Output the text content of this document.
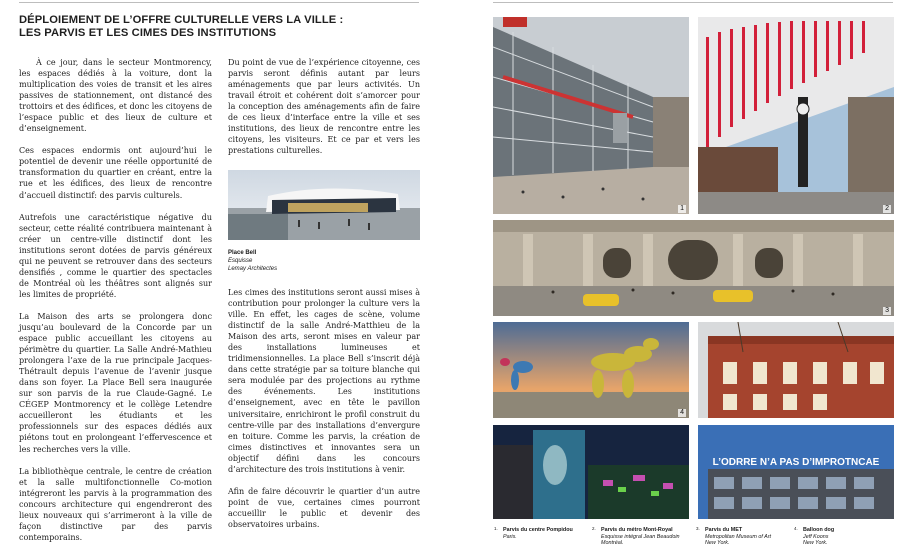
DÉPLOIEMENT DE L’OFFRE CULTURELLE VERS LA VILLE :
LES PARVIS ET LES CIMES DES INSTITUTIONS

À ce jour, dans le secteur Montmorency, les espaces dédiés à la voiture, dont la multiplication des voies de transit et les aires passives de stationnement, ont distancé des trottoirs et des édifices, et donc les citoyens de l’espace public et des lieux de culture et d’enseignement.

Ces espaces endormis ont aujourd’hui le potentiel de devenir une réelle opportunité de transformation du quartier en créant, entre la rue et les édifices, des lieux de rencontre d’accueil distinctif: des parvis culturels.

Autrefois une caractéristique négative du secteur, cette réalité contribuera maintenant à créer un centre-ville distinctif dont les institutions seront dotées de parvis généreux qui ne peuvent se retrouver dans des secteurs densifiés , comme le quartier des spectacles de Montréal où les théâtres sont alignés sur les limites de propriété.

La Maison des arts se prolongera donc jusqu’au boulevard de la Concorde par un espace public accueillant les citoyens au périmètre du quartier. La Salle André-Mathieu prolongera l’axe de la rue principale Jacques-Thétrault depuis l’avenue de l’avenir jusque dans son foyer. La Place Bell sera inaugurée sur son parvis de la rue Claude-Gagné. Le CÉGEP Montmorency et le collège Letendre accueilleront les étudiants et les professionnels sur des espaces dédiés aux piétons tout en prolongeant l’effervescence et les recherches vers la ville.

La bibliothèque centrale, le centre de création et la salle multifonctionnelle Co-motion intégreront les parvis à la programmation des concours architecture qui engendreront des lieux nouveaux qui s’arrimeront à la ville de façon distinctive par des parvis contemporains.

Du point de vue de l’expérience citoyenne, ces parvis seront définis autant par leurs aménagements que par leurs activités. Un travail étroit et cohérent doit s’amorcer pour la conception des aménagements afin de faire de ces lieux d’interface entre la ville et ses institutions, des lieux de rencontre entre les citoyens, les visiteurs. Et ce par et vers les prestations culturelles.

Place Bell
Esquisse
Lemay Architectes

Les cimes des institutions seront aussi mises à contribution pour prolonger la culture vers la ville. En effet, les cages de scène, volume distinctif de la salle André-Matthieu de la Maison des arts, seront mises en valeur par des installations lumineuses et tridimensionnelles. La place Bell s’inscrit déjà dans cette stratégie par sa toiture blanche qui sera modulée par des projections au rythme des événements. Les institutions d’enseignement, avec en tête le pavillon universitaire, enrichiront le profil construit du centre-ville par des installations d’envergure en toiture. Comme les parvis, la création de cimes distinctives et innovantes sera un objectif défini dans les concours d’architecture des trois institutions à venir.

Afin de faire découvrir le quartier d’un autre point de vue, certaines cimes pourront accueillir le public et devenir des observatoires urbains.

1	2
3
4
L’ODRRE N’A PAS D’IMPROTNCAE
1. Parvis du centre Pompidou
Paris.
2. Parvis du métro Mont-Royal
Esquisse intégral Jean Beaudoin
Montréal.
3. Parvis du MET
Metropolitan Museum of Art
New York.
4. Balloon dog
Jeff Koons
New York.
